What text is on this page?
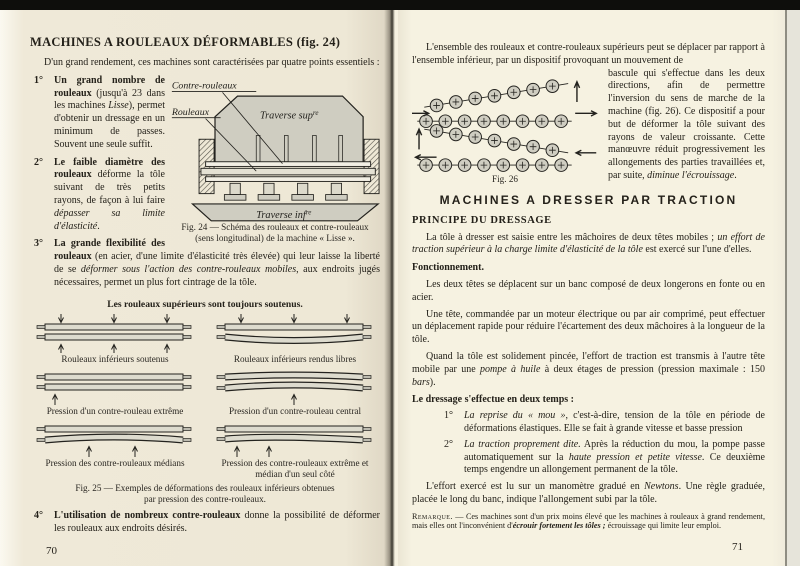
MACHINES A ROULEAUX DÉFORMABLES (fig. 24)

D'un grand rendement, ces machines sont caractérisées par quatre points essentiels :

Contre-rouleaux
Rouleaux	Traverse sup$^{re}$
Traverse inf$^{re}$
Fig. 24 — Schéma des rouleaux et contre-rouleaux
(sens longitudinal) de la machine « Lisse ».

1° Un grand nombre de rouleaux (jusqu'à 23 dans les machines Lisse), permet d'obtenir un dressage en un minimum de passes. Souvent une seule suffit.

2° Le faible diamètre des rouleaux déforme la tôle suivant de très petits rayons, de façon à lui faire dépasser sa limite d'élasticité.

3° La grande flexibilité des rouleaux (en acier, d'une limite d'élasticité très élevée) qui leur laisse la liberté de se déformer sous l'action des contre-rouleaux mobiles, aux endroits jugés nécessaires, permet un plus fort cintrage de la tôle.

Les rouleaux supérieurs sont toujours soutenus.
Rouleaux inférieurs soutenus	Rouleaux inférieurs rendus libres
Pression d'un contre-rouleau extrême	Pression d'un contre-rouleau central
Pression des contre-rouleaux médians	Pression des contre-rouleaux extrême et médian d'un seul côté
Fig. 25 — Exemples de déformations des rouleaux inférieurs obtenues
par pression des contre-rouleaux.

4° L'utilisation de nombreux contre-rouleaux donne la possibilité de déformer les rouleaux aux endroits désirés.

70

L'ensemble des rouleaux et contre-rouleaux supérieurs peut se déplacer par rapport à l'ensemble inférieur, par un dispositif provoquant un mouvement de

Fig. 26

bascule qui s'effectue dans les deux directions, afin de permettre l'inversion du sens de marche de la machine (fig. 26). Ce dispositif a pour but de déformer la tôle suivant des rayons de valeur croissante. Cette manœuvre réduit progressivement les allongements des parties travaillées et, par suite, diminue l'écrouissage.

MACHINES A DRESSER PAR TRACTION
PRINCIPE DU DRESSAGE

La tôle à dresser est saisie entre les mâchoires de deux têtes mobiles ; un effort de traction supérieur à la charge limite d'élasticité de la tôle est exercé sur l'une d'elles.

Fonctionnement.

Les deux têtes se déplacent sur un banc composé de deux longerons en fonte ou en acier.

Une tête, commandée par un moteur électrique ou par air comprimé, peut effectuer un déplacement rapide pour réduire l'écartement des deux mâchoires à la longueur de la tôle.

Quand la tôle est solidement pincée, l'effort de traction est transmis à l'autre tête mobile par une pompe à huile à deux étages de pression (pression maximale : 150 bars).

Le dressage s'effectue en deux temps :

1° La reprise du « mou », c'est-à-dire, tension de la tôle en période de déformations élastiques. Elle se fait à grande vitesse et basse pression

2° La traction proprement dite. Après la réduction du mou, la pompe passe automatiquement sur la haute pression et petite vitesse. Ce deuxième temps engendre un allongement permanent de la tôle.

L'effort exercé est lu sur un manomètre gradué en Newtons. Une règle graduée, placée le long du banc, indique l'allongement subi par la tôle.

Remarque. — Ces machines sont d'un prix moins élevé que les machines à rouleaux à grand rendement, mais elles ont l'inconvénient d'écrouir fortement les tôles ; écrouissage qui limite leur emploi.

71
